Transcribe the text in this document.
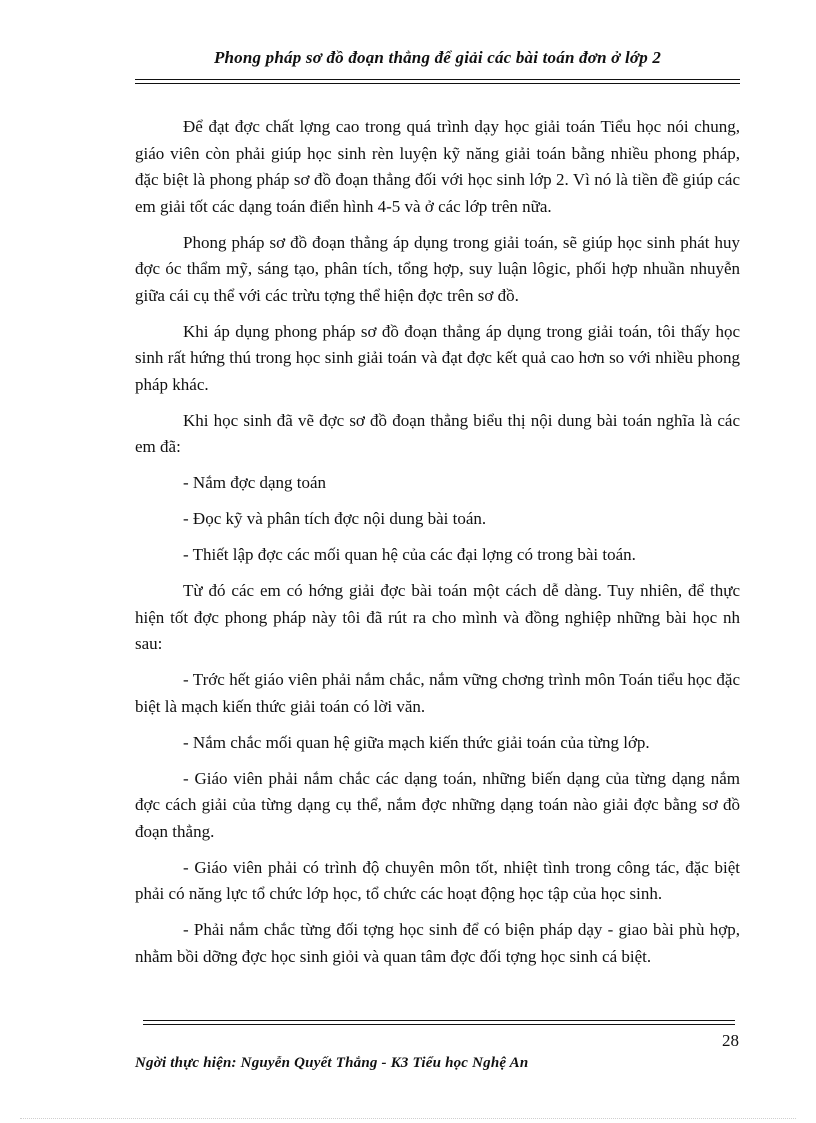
Phong pháp sơ đồ đoạn thẳng để giải các bài toán đơn ở lớp 2

Để đạt đợc chất lợng cao trong quá trình dạy học giải toán Tiểu học nói chung, giáo viên còn phải giúp học sinh rèn luyện kỹ năng giải toán bằng nhiều phong pháp, đặc biệt là phong pháp sơ đồ đoạn thẳng đối với học sinh lớp 2. Vì nó là tiền đề giúp các em giải tốt các dạng toán điển hình 4-5 và ở các lớp trên nữa.

Phong pháp sơ đồ đoạn thẳng áp dụng trong giải toán, sẽ giúp học sinh phát huy đợc óc thẩm mỹ, sáng tạo, phân tích, tổng hợp, suy luận lôgic, phối hợp nhuần nhuyễn giữa cái cụ thể với các trừu tợng thể hiện đợc trên sơ đồ.

Khi áp dụng phong pháp sơ đồ đoạn thẳng áp dụng trong giải toán, tôi thấy học sinh rất hứng thú trong học sinh giải toán và đạt đợc kết quả cao hơn so với nhiều phong pháp khác.

Khi học sinh đã vẽ đợc sơ đồ đoạn thẳng biểu thị nội dung bài toán nghĩa là các em đã:

- Nắm đợc dạng toán

- Đọc kỹ và phân tích đợc nội dung bài toán.

- Thiết lập đợc các mối quan hệ của các đại lợng có trong bài toán.

Từ đó các em có hớng giải đợc bài toán một cách dễ dàng. Tuy nhiên, để thực hiện tốt đợc phong pháp này tôi đã rút ra cho mình và đồng nghiệp những bài học nh sau:

- Trớc hết giáo viên phải nắm chắc, nắm vững chơng trình môn Toán tiểu học đặc biệt là mạch kiến thức giải toán có lời văn.

- Nắm chắc mối quan hệ giữa mạch kiến thức giải toán của từng lớp.

- Giáo viên phải nắm chắc các dạng toán, những biến dạng của từng dạng nắm đợc cách giải của từng dạng cụ thể, nắm đợc những dạng toán nào giải đợc bằng sơ đồ đoạn thẳng.

- Giáo viên phải có trình độ chuyên môn tốt, nhiệt tình trong công tác, đặc biệt phải có năng lực tổ chức lớp học, tổ chức các hoạt động học tập của học sinh.

- Phải nắm chắc từng đối tợng học sinh để có biện pháp dạy - giao bài phù hợp, nhằm bồi dỡng đợc học sinh giỏi và quan tâm đợc đối tợng học sinh cá biệt.

28
Ngời thực hiện: Nguyễn Quyết Thắng - K3 Tiểu học Nghệ An
